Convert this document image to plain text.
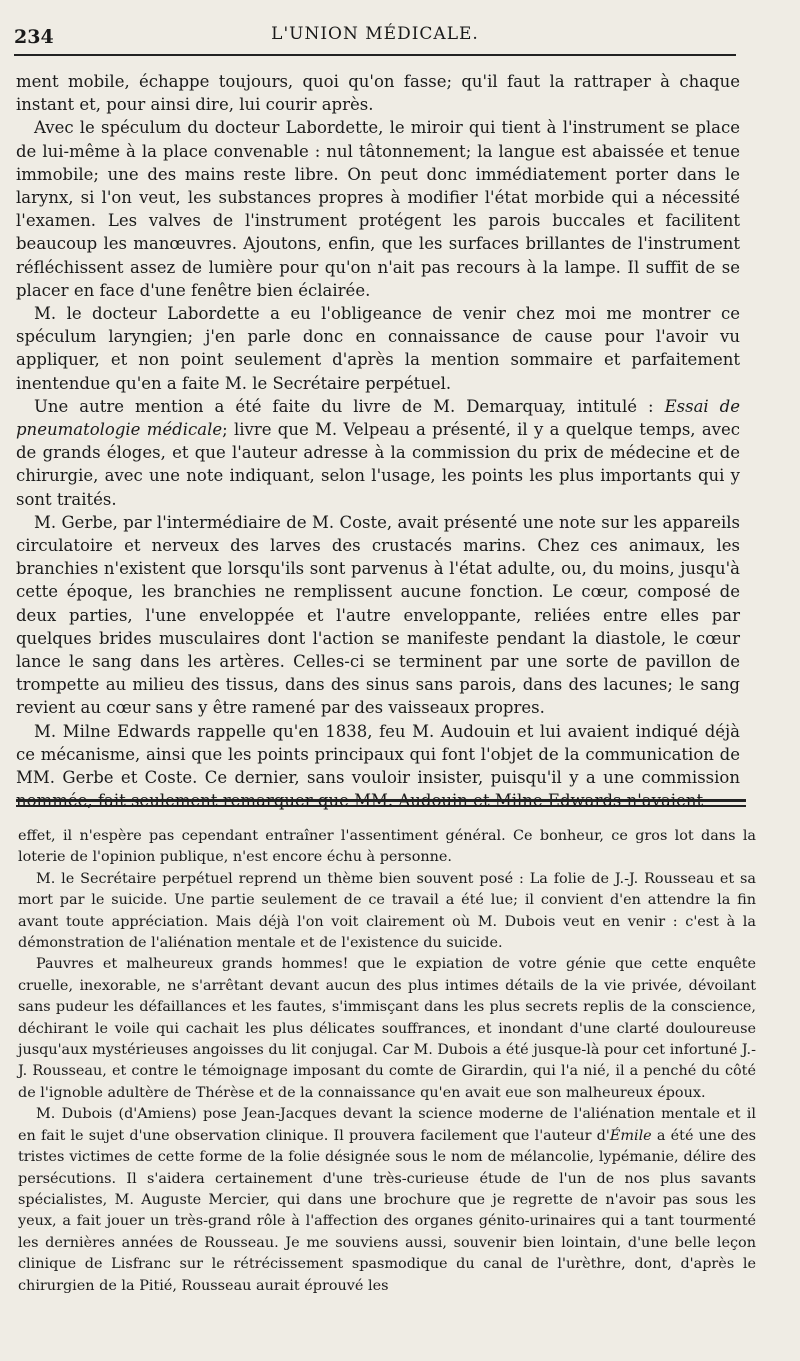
234	L'UNION MÉDICALE.

ment mobile, échappe toujours, quoi qu'on fasse; qu'il faut la rattraper à chaque instant et, pour ainsi dire, lui courir après.

Avec le spéculum du docteur Labordette, le miroir qui tient à l'instrument se place de lui-même à la place convenable : nul tâtonnement; la langue est abaissée et tenue immobile; une des mains reste libre. On peut donc immédiatement porter dans le larynx, si l'on veut, les substances propres à modifier l'état morbide qui a nécessité l'examen. Les valves de l'instrument protégent les parois buccales et facilitent beaucoup les manœuvres. Ajoutons, enfin, que les surfaces brillantes de l'instrument réfléchissent assez de lumière pour qu'on n'ait pas recours à la lampe. Il suffit de se placer en face d'une fenêtre bien éclairée.

M. le docteur Labordette a eu l'obligeance de venir chez moi me montrer ce spéculum laryngien; j'en parle donc en connaissance de cause pour l'avoir vu appliquer, et non point seulement d'après la mention sommaire et parfaitement inentendue qu'en a faite M. le Secrétaire perpétuel.

Une autre mention a été faite du livre de M. Demarquay, intitulé : Essai de pneumatologie médicale; livre que M. Velpeau a présenté, il y a quelque temps, avec de grands éloges, et que l'auteur adresse à la commission du prix de médecine et de chirurgie, avec une note indiquant, selon l'usage, les points les plus importants qui y sont traités.

M. Gerbe, par l'intermédiaire de M. Coste, avait présenté une note sur les appareils circulatoire et nerveux des larves des crustacés marins. Chez ces animaux, les branchies n'existent que lorsqu'ils sont parvenus à l'état adulte, ou, du moins, jusqu'à cette époque, les branchies ne remplissent aucune fonction. Le cœur, composé de deux parties, l'une enveloppée et l'autre enveloppante, reliées entre elles par quelques brides musculaires dont l'action se manifeste pendant la diastole, le cœur lance le sang dans les artères. Celles-ci se terminent par une sorte de pavillon de trompette au milieu des tissus, dans des sinus sans parois, dans des lacunes; le sang revient au cœur sans y être ramené par des vaisseaux propres.

M. Milne Edwards rappelle qu'en 1838, feu M. Audouin et lui avaient indiqué déjà ce mécanisme, ainsi que les points principaux qui font l'objet de la communication de MM. Gerbe et Coste. Ce dernier, sans vouloir insister, puisqu'il y a une commission

effet, il n'espère pas cependant entraîner l'assentiment général. Ce bonheur, ce gros lot dans la loterie de l'opinion publique, n'est encore échu à personne.

M. le Secrétaire perpétuel reprend un thème bien souvent posé : La folie de J.-J. Rousseau et sa mort par le suicide. Une partie seulement de ce travail a été lue; il convient d'en attendre la fin avant toute appréciation. Mais déjà l'on voit clairement où M. Dubois veut en venir : c'est à la démonstration de l'aliénation mentale et de l'existence du suicide.

Pauvres et malheureux grands hommes! que le expiation de votre génie que cette enquête cruelle, inexorable, ne s'arrêtant devant aucun des plus intimes détails de la vie privée, dévoilant sans pudeur les défaillances et les fautes, s'immisçant dans les plus secrets replis de la conscience, déchirant le voile qui cachait les plus délicates souffrances, et inondant d'une clarté douloureuse jusqu'aux mystérieuses angoisses du lit conjugal. Car M. Dubois a été jusque-là pour cet infortuné J.-J. Rousseau, et contre le témoignage imposant du comte de Girardin, qui l'a nié, il a penché du côté de l'ignoble adultère de Thérèse et de la connaissance qu'en avait eue son malheureux époux.

M. Dubois (d'Amiens) pose Jean-Jacques devant la science moderne de l'aliénation mentale et il en fait le sujet d'une observation clinique. Il prouvera facilement que l'auteur d'Émile a été une des tristes victimes de cette forme de la folie désignée sous le nom de mélancolie, lypémanie, délire des persécutions. Il s'aidera certainement d'une très-curieuse étude de l'un de nos plus savants spécialistes, M. Auguste Mercier, qui dans une brochure que je regrette de n'avoir pas sous les yeux, a fait jouer un très-grand rôle à l'affection des organes génito-urinaires qui a tant tourmenté les dernières années de Rousseau. Je me souviens aussi, souvenir bien lointain, d'une belle leçon clinique de Lisfranc sur le rétrécissement spasmodique du canal de l'urèthre, dont, d'après le chirurgien de la Pitié, Rousseau aurait éprouvé les
